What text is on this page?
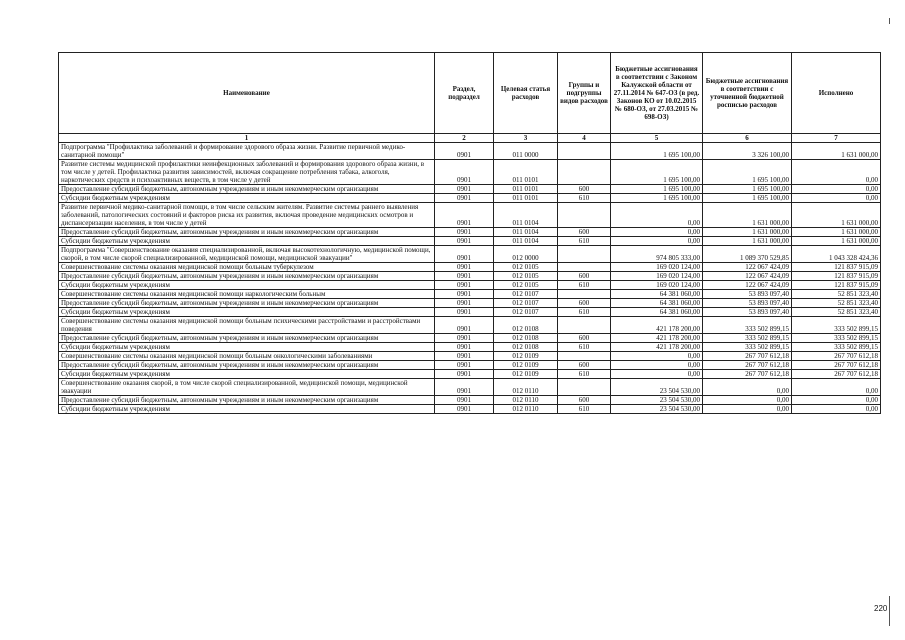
Наименование	Раздел, подраздел	Целевая статья расходов	Группы и подгруппы видов расходов	Бюджетные ассигнования в соответствии с Законом Калужской области от 27.11.2014 № 647-ОЗ (в ред. Законов КО от 10.02.2015 № 680-ОЗ, от 27.03.2015 № 698-ОЗ)	Бюджетные ассигнования в соответствии с уточненной бюджетной росписью расходов	Исполнено
1	2	3	4	5	6	7
Подпрограмма "Профилактика заболеваний и формирование здорового образа жизни. Развитие первичной медико-санитарной помощи"	0901	011 0000		1 695 100,00	3 326 100,00	1 631 000,00
Развитие системы медицинской профилактики неинфекционных заболеваний и формирования здорового образа жизни, в том числе у детей. Профилактика развития зависимостей, включая сокращение потребления табака, алкоголя, наркотических средств и психоактивных веществ, в том числе у детей	0901	011 0101		1 695 100,00	1 695 100,00	0,00
Предоставление субсидий бюджетным, автономным учреждениям и иным некоммерческим организациям	0901	011 0101	600	1 695 100,00	1 695 100,00	0,00
Субсидии бюджетным учреждениям	0901	011 0101	610	1 695 100,00	1 695 100,00	0,00
Развитие первичной медико-санитарной помощи, в том числе сельским жителям. Развитие системы раннего выявления заболеваний, патологических состояний и факторов риска их развития, включая проведение медицинских осмотров и диспансеризации населения, в том числе у детей	0901	011 0104		0,00	1 631 000,00	1 631 000,00
Предоставление субсидий бюджетным, автономным учреждениям и иным некоммерческим организациям	0901	011 0104	600	0,00	1 631 000,00	1 631 000,00
Субсидии бюджетным учреждениям	0901	011 0104	610	0,00	1 631 000,00	1 631 000,00
Подпрограмма "Совершенствование оказания специализированной, включая высокотехнологичную, медицинской помощи, скорой, в том числе скорой специализированной, медицинской помощи, медицинской эвакуации"	0901	012 0000		974 805 333,00	1 089 370 529,85	1 043 328 424,36
Совершенствование системы оказания медицинской помощи больным туберкулезом	0901	012 0105		169 020 124,00	122 067 424,09	121 837 915,09
Предоставление субсидий бюджетным, автономным учреждениям и иным некоммерческим организациям	0901	012 0105	600	169 020 124,00	122 067 424,09	121 837 915,09
Субсидии бюджетным учреждениям	0901	012 0105	610	169 020 124,00	122 067 424,09	121 837 915,09
Совершенствование системы оказания медицинской помощи наркологическим больным	0901	012 0107		64 381 060,00	53 893 097,40	52 851 323,40
Предоставление субсидий бюджетным, автономным учреждениям и иным некоммерческим организациям	0901	012 0107	600	64 381 060,00	53 893 097,40	52 851 323,40
Субсидии бюджетным учреждениям	0901	012 0107	610	64 381 060,00	53 893 097,40	52 851 323,40
Совершенствование системы оказания медицинской помощи больным психическими расстройствами и расстройствами поведения	0901	012 0108		421 178 200,00	333 502 899,15	333 502 899,15
Предоставление субсидий бюджетным, автономным учреждениям и иным некоммерческим организациям	0901	012 0108	600	421 178 200,00	333 502 899,15	333 502 899,15
Субсидии бюджетным учреждениям	0901	012 0108	610	421 178 200,00	333 502 899,15	333 502 899,15
Совершенствование системы оказания медицинской помощи больным онкологическими заболеваниями	0901	012 0109		0,00	267 707 612,18	267 707 612,18
Предоставление субсидий бюджетным, автономным учреждениям и иным некоммерческим организациям	0901	012 0109	600	0,00	267 707 612,18	267 707 612,18
Субсидии бюджетным учреждениям	0901	012 0109	610	0,00	267 707 612,18	267 707 612,18
Совершенствование оказания скорой, в том числе скорой специализированной, медицинской помощи, медицинской эвакуации	0901	012 0110		23 504 530,00	0,00	0,00
Предоставление субсидий бюджетным, автономным учреждениям и иным некоммерческим организациям	0901	012 0110	600	23 504 530,00	0,00	0,00
Субсидии бюджетным учреждениям	0901	012 0110	610	23 504 530,00	0,00	0,00
220
